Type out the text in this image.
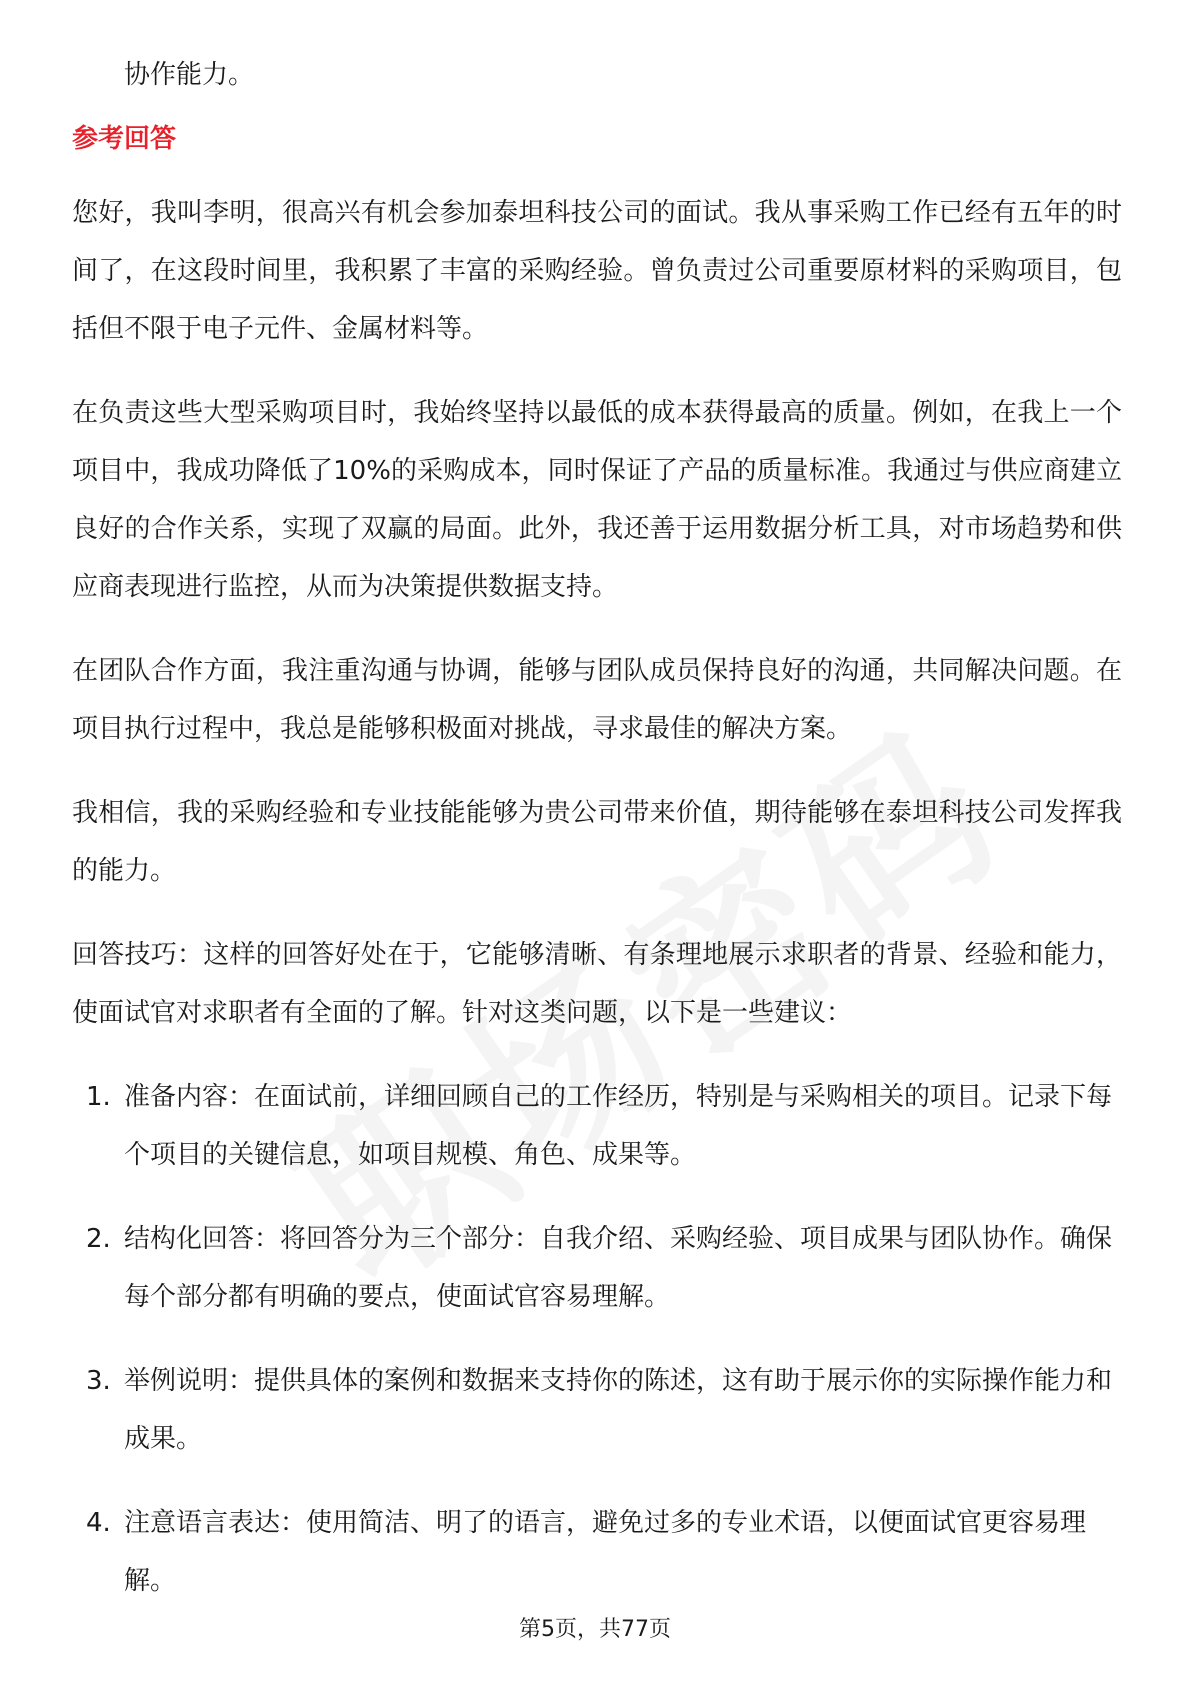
协作能力。

参考回答

您好，我叫李明，很高兴有机会参加泰坦科技公司的面试。我从事采购工作已经有五年的时间了，在这段时间里，我积累了丰富的采购经验。曾负责过公司重要原材料的采购项目，包括但不限于电子元件、金属材料等。

在负责这些大型采购项目时，我始终坚持以最低的成本获得最高的质量。例如，在我上一个项目中，我成功降低了10%的采购成本，同时保证了产品的质量标准。我通过与供应商建立良好的合作关系，实现了双赢的局面。此外，我还善于运用数据分析工具，对市场趋势和供应商表现进行监控，从而为决策提供数据支持。

在团队合作方面，我注重沟通与协调，能够与团队成员保持良好的沟通，共同解决问题。在项目执行过程中，我总是能够积极面对挑战，寻求最佳的解决方案。

我相信，我的采购经验和专业技能能够为贵公司带来价值，期待能够在泰坦科技公司发挥我的能力。

回答技巧：这样的回答好处在于，它能够清晰、有条理地展示求职者的背景、经验和能力，使面试官对求职者有全面的了解。针对这类问题，以下是一些建议：

1. 准备内容：在面试前，详细回顾自己的工作经历，特别是与采购相关的项目。记录下每个项目的关键信息，如项目规模、角色、成果等。
2. 结构化回答：将回答分为三个部分：自我介绍、采购经验、项目成果与团队协作。确保每个部分都有明确的要点，使面试官容易理解。
3. 举例说明：提供具体的案例和数据来支持你的陈述，这有助于展示你的实际操作能力和成果。
4. 注意语言表达：使用简洁、明了的语言，避免过多的专业术语，以便面试官更容易理解。
第5页，共77页
